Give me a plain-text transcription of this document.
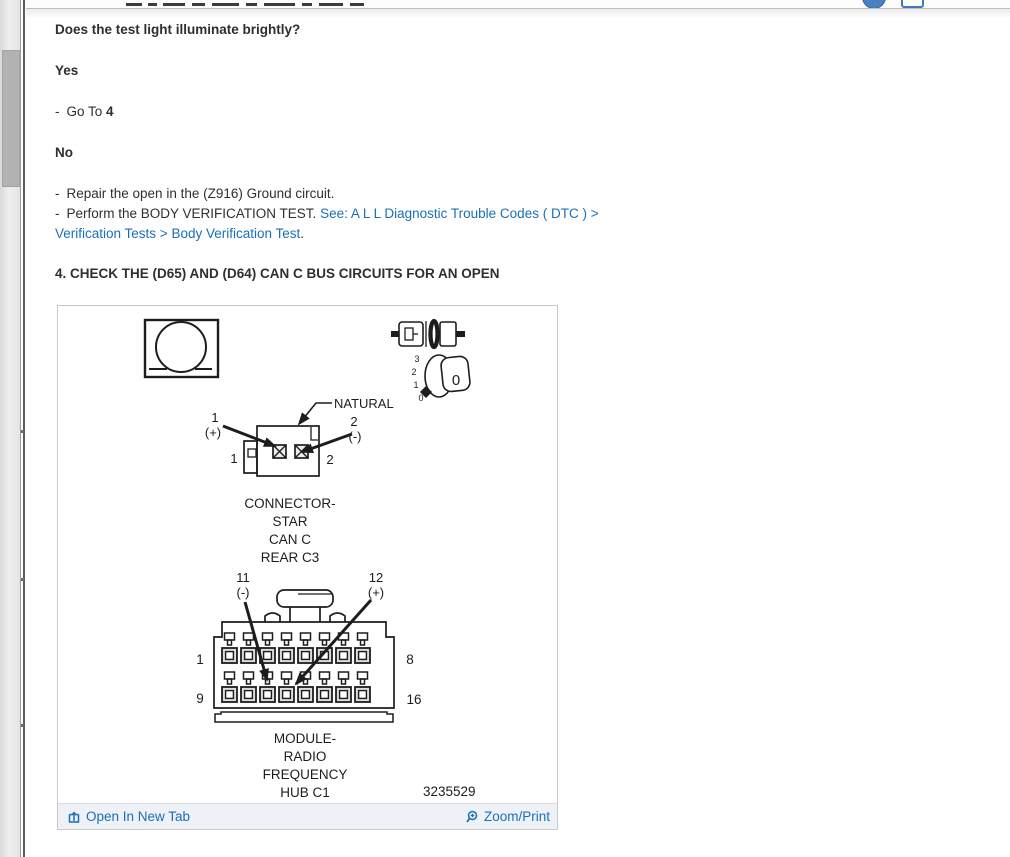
Does the test light illuminate brightly?
Yes
- Go To 4
No
- Repair the open in the (Z916) Ground circuit.
- Perform the BODY VERIFICATION TEST. See: A L L Diagnostic Trouble Codes ( DTC ) >
Verification Tests > Body Verification Test.
4. CHECK THE (D65) AND (D64) CAN C BUS CIRCUITS FOR AN OPEN
3
2
1
0
0
NATURAL
1
(+)
2
(-)
1	2
CONNECTOR-
STAR
CAN C
REAR C3
11
(-)
12
(+)
1	8
9	16
MODULE-
RADIO
FREQUENCY
HUB C1	3235529
Open In New Tab	Zoom/Print
